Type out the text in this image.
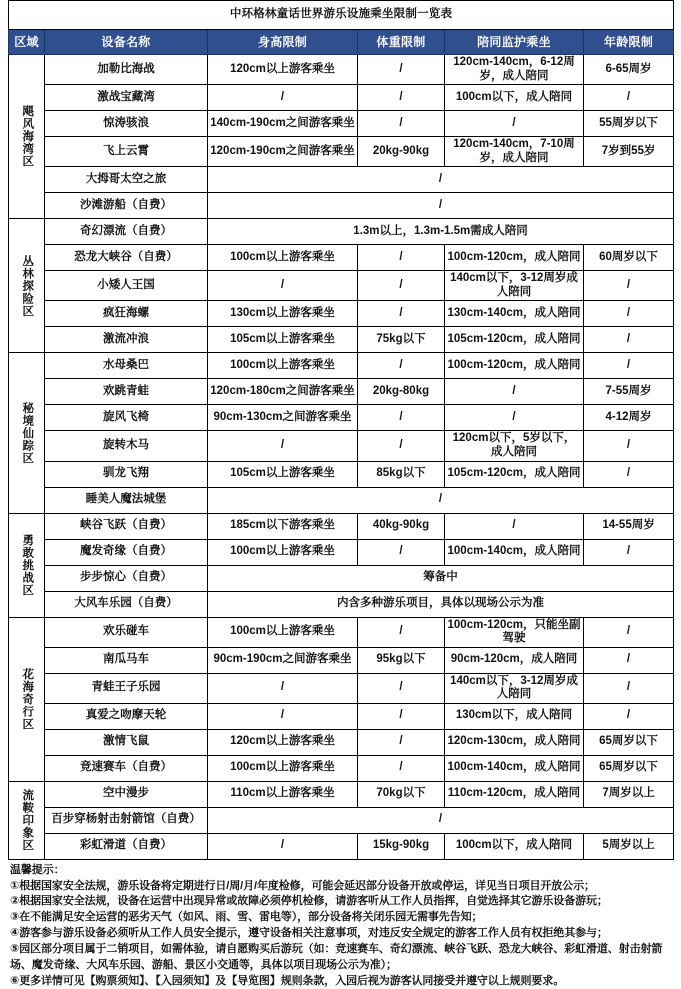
中环格林童话世界游乐设施乘坐限制一览表					
区域	设备名称	身高限制	体重限制	陪同监护乘坐	年龄限制
飓风海湾区	加勒比海战	120cm以上游客乘坐	/	120cm-140cm，6-12周岁，成人陪同	6-65周岁
	激战宝藏湾	/	/	100cm以下，成人陪同	/
	惊涛骇浪	140cm-190cm之间游客乘坐	/	/	55周岁以下
	飞上云霄	120cm-190cm之间游客乘坐	20kg-90kg	120cm-140cm，7-10周岁，成人陪同	7岁到55岁
	大拇哥太空之旅	/			
	沙滩游船（自费）	/			
丛林探险区	奇幻漂流（自费）	1.3m以上，1.3m-1.5m需成人陪同			
	恐龙大峡谷（自费）	100cm以上游客乘坐	/	100cm-120cm，成人陪同	60周岁以下
	小矮人王国	/	/	140cm以下，3-12周岁成人陪同	/
	疯狂海螺	130cm以上游客乘坐	/	130cm-140cm，成人陪同	/
	激流冲浪	105cm以上游客乘坐	75kg以下	105cm-120cm，成人陪同	/
秘境仙踪区	水母桑巴	100cm以上游客乘坐	/	100cm-120cm，成人陪同	/
	欢跳青蛙	120cm-180cm之间游客乘坐	20kg-80kg	/	7-55周岁
	旋风飞椅	90cm-130cm之间游客乘坐	/	/	4-12周岁
	旋转木马	/	/	120cm以下，5岁以下，成人陪同	/
	驯龙飞翔	105cm以上游客乘坐	85kg以下	105cm-120cm，成人陪同	/
	睡美人魔法城堡	/			
勇敢挑战区	峡谷飞跃（自费）	185cm以下游客乘坐	40kg-90kg	/	14-55周岁
	魔发奇缘（自费）	100cm以上游客乘坐	/	100cm-140cm，成人陪同	/
	步步惊心（自费）	筹备中			
	大风车乐园（自费）	内含多种游乐项目，具体以现场公示为准			
花海奇行区	欢乐碰车	100cm以上游客乘坐	/	100cm-120cm，只能坐副驾驶	/
	南瓜马车	90cm-190cm之间游客乘坐	95kg以下	90cm-120cm，成人陪同	/
	青蛙王子乐园	/	/	140cm以下，3-12周岁成人陪同	/
	真爱之吻摩天轮	/	/	130cm以下，成人陪同	/
	激情飞鼠	120cm以上游客乘坐	/	120cm-130cm，成人陪同	65周岁以下
	竞速赛车（自费）	100cm以上游客乘坐	/	100cm-140cm，成人陪同	65周岁以下
流鞍印象区	空中漫步	110cm以上游客乘坐	70kg以下	110cm-120cm，成人陪同	7周岁以上
	百步穿杨射击射箭馆（自费）	/			
	彩虹滑道（自费）	/	15kg-90kg	100cm以下，成人陪同	5周岁以上
温馨提示：
①根据国家安全法规，游乐设备将定期进行日/周/月/年度检修，可能会延迟部分设备开放或停运，详见当日项目开放公示；
②根据国家安全法规，设备在运营中出现异常或故障必须停机检修，请游客听从工作人员指挥，自觉选择其它游乐设备游玩；
③在不能满足安全运营的恶劣天气（如风、雨、雪、雷电等），部分设备将关闭乐园无需事先告知；
④游客参与游乐设备必须听从工作人员安全提示，遵守设备相关注意事项，对违反安全规定的游客工作人员有权拒绝其参与；
⑤园区部分项目属于二销项目，如需体验，请自愿购买后游玩（如：竞速赛车、奇幻漂流、峡谷飞跃、恐龙大峡谷、彩虹滑道、射击射箭场、魔发奇缘、大风车乐园、游船、景区小交通等，具体以项目现场公示为准）；
⑥更多详情可见【购票须知】、【入园须知】及【导览图】规则条款，入园后视为游客认同接受并遵守以上规则要求。
